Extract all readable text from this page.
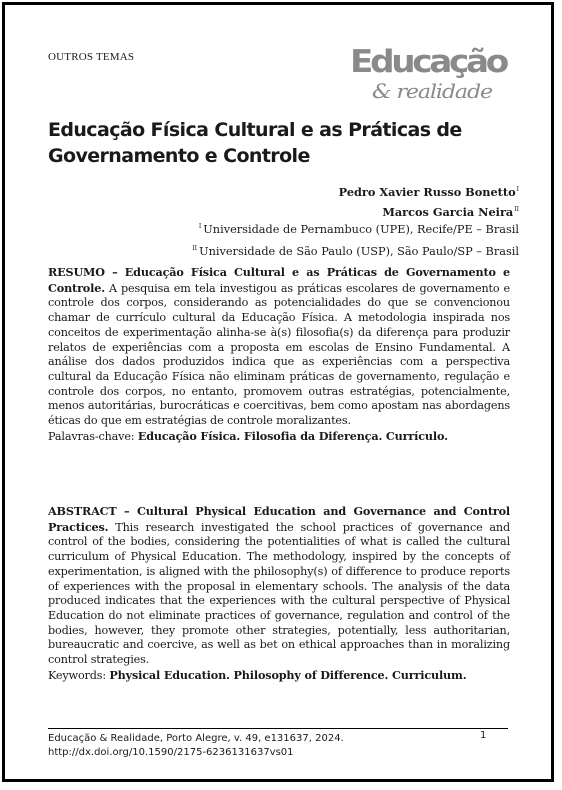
OUTROS TEMAS	Educação
& realidade
Educação Física Cultural e as Práticas de Governamento e Controle
Pedro Xavier Russo Bonetto$^I$
Marcos Garcia Neira$^{II}$
$^I$ Universidade de Pernambuco (UPE), Recife/PE – Brasil
$^{II}$ Universidade de São Paulo (USP), São Paulo/SP – Brasil

RESUMO – Educação Física Cultural e as Práticas de Governamento e Controle. A pesquisa em tela investigou as práticas escolares de governamento e controle dos corpos, considerando as potencialidades do que se convencionou chamar de currículo cultural da Educação Física. A metodologia inspirada nos conceitos de experimentação alinha-se à(s) filosofia(s) da diferença para produzir relatos de experiências com a proposta em escolas de Ensino Fundamental. A análise dos dados produzidos indica que as experiências com a perspectiva cultural da Educação Física não eliminam práticas de governamento, regulação e controle dos corpos, no entanto, promovem outras estratégias, potencialmente, menos autoritárias, burocráticas e coercitivas, bem como apostam nas abordagens éticas do que em estratégias de controle moralizantes.
Palavras-chave: Educação Física. Filosofia da Diferença. Currículo.

ABSTRACT – Cultural Physical Education and Governance and Control Practices. This research investigated the school practices of governance and control of the bodies, considering the potentialities of what is called the cultural curriculum of Physical Education. The methodology, inspired by the concepts of experimentation, is aligned with the philosophy(s) of difference to produce reports of experiences with the proposal in elementary schools. The analysis of the data produced indicates that the experiences with the cultural perspective of Physical Education do not eliminate practices of governance, regulation and control of the bodies, however, they promote other strategies, potentially, less authoritarian, bureaucratic and coercive, as well as bet on ethical approaches than in moralizing control strategies.
Keywords: Physical Education. Philosophy of Difference. Curriculum.

Educação & Realidade, Porto Alegre, v. 49, e131637, 2024.
http://dx.doi.org/10.1590/2175-6236131637vs01
1
